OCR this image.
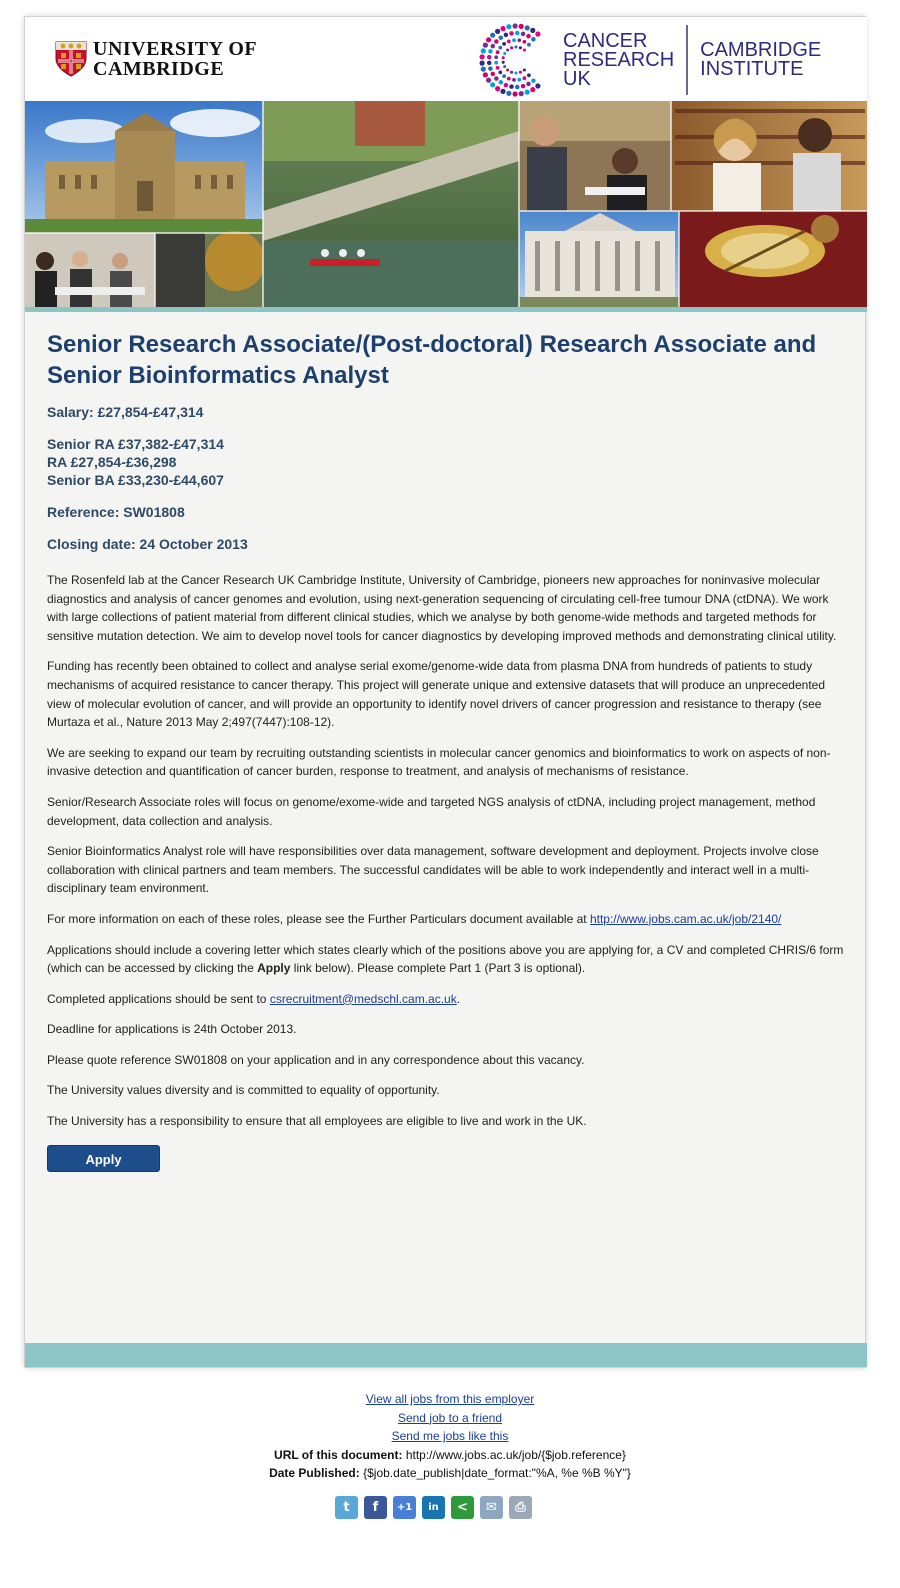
UNIVERSITY OF
CAMBRIDGE
CANCER
RESEARCH
UK
CAMBRIDGE
INSTITUTE
Senior Research Associate/(Post-doctoral) Research Associate and Senior Bioinformatics Analyst
Salary: £27,854-£47,314
Senior RA £37,382-£47,314
RA £27,854-£36,298
Senior BA £33,230-£44,607
Reference: SW01808
Closing date: 24 October 2013

The Rosenfeld lab at the Cancer Research UK Cambridge Institute, University of Cambridge, pioneers new approaches for noninvasive molecular diagnostics and analysis of cancer genomes and evolution, using next-generation sequencing of circulating cell-free tumour DNA (ctDNA). We work with large collections of patient material from different clinical studies, which we analyse by both genome-wide methods and targeted methods for sensitive mutation detection. We aim to develop novel tools for cancer diagnostics by developing improved methods and demonstrating clinical utility.

Funding has recently been obtained to collect and analyse serial exome/genome-wide data from plasma DNA from hundreds of patients to study mechanisms of acquired resistance to cancer therapy. This project will generate unique and extensive datasets that will produce an unprecedented view of molecular evolution of cancer, and will provide an opportunity to identify novel drivers of cancer progression and resistance to therapy (see Murtaza et al., Nature 2013 May 2;497(7447):108-12).

We are seeking to expand our team by recruiting outstanding scientists in molecular cancer genomics and bioinformatics to work on aspects of non-invasive detection and quantification of cancer burden, response to treatment, and analysis of mechanisms of resistance.

Senior/Research Associate roles will focus on genome/exome-wide and targeted NGS analysis of ctDNA, including project management, method development, data collection and analysis.

Senior Bioinformatics Analyst role will have responsibilities over data management, software development and deployment. Projects involve close collaboration with clinical partners and team members. The successful candidates will be able to work independently and interact well in a multi-disciplinary team environment.

For more information on each of these roles, please see the Further Particulars document available at http://www.jobs.cam.ac.uk/job/2140/

Applications should include a covering letter which states clearly which of the positions above you are applying for, a CV and completed CHRIS/6 form (which can be accessed by clicking the Apply link below). Please complete Part 1 (Part 3 is optional).

Completed applications should be sent to csrecruitment@medschl.cam.ac.uk.

Deadline for applications is 24th October 2013.

Please quote reference SW01808 on your application and in any correspondence about this vacancy.

The University values diversity and is committed to equality of opportunity.

The University has a responsibility to ensure that all employees are eligible to live and work in the UK.

Apply
View all jobs from this employer
Send job to a friend
Send me jobs like this
URL of this document: http://www.jobs.ac.uk/job/{$job.reference}
Date Published: {$job.date_publish|date_format:"%A, %e %B %Y"}
t	f	+1	in	<	✉	⎙
